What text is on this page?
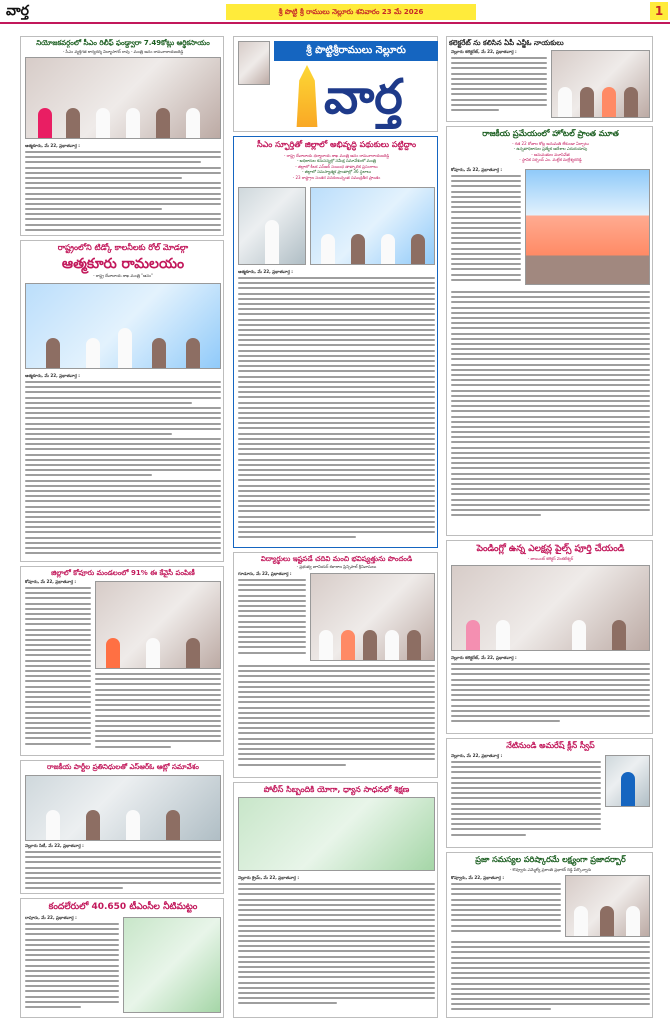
వార్త	శ్రీ పొట్టి శ్రీ రాములు నెల్లూరు శనివారం 23 మే 2026	1
నియోజకవర్గంలో సీఎం రిలీఫ్ ఫండ్ద్వారా 7.49కోట్లు ఆర్థికసాయం
- సీఎం వ్యక్తిగత కార్యదర్శి విద్యాసాగర్ రావు - మంత్రి ఆనం రామనారాయణరెడ్డి
ఆత్మకూరు, మే 22, ప్రభాతవార్త :
రాష్ట్రంలోని టిడ్కో కాలనీలకు రోల్ మోడల్గా
ఆత్మకూరు రామలయం
- రాష్ట్ర దేవాదాయ శాఖ మంత్రి "ఆనం"
ఆత్మకూరు, మే 22, ప్రభాతవార్త :
జిల్లాలో కోవూరు మండలంలో 91% ఈ కేవైసీ పంపిణీ
కోవూరు, మే 22, ప్రభాతవార్త :
రాజకీయ పార్టీల ప్రతినిధులతో ఎస్ఆర్ఓ ఆట్లో సమావేశం
నెల్లూరు సిటీ, మే 22, ప్రభాతవార్త :
కందలేరులో 40.650 టీఎంసీల నీటిమట్టం
రాపూరు, మే 22, ప్రభాతవార్త :
శ్రీ పొట్టిశ్రీరాములు నెల్లూరు
వార్త
సీఎం స్ఫూర్తితో జిల్లాలో అభివృద్ధి పథుకులు పట్టిద్దాం
- రాష్ట్ర దేవాదాయ ధర్మాదాయ శాఖ మంత్రి ఆనం రామనారాయణరెడ్డి
- అధికారుల కనుసన్నల్లో సమీక్ష సమావేశంలో మంత్రి
- జిల్లాలో కీలక ఎస్ఆర్ సంబంధ తాత్కాలిక ప్రసంగాలు
- జిల్లాలో సమస్యాత్మక ప్రాంతాల్లో 36 స్థలాలు
- 23 రాష్ట్రాల సంతర వనరులున్నంత సముద్రతీర ప్రాంతం
ఆత్మకూరు, మే 22, ప్రభాతవార్త :
విద్యార్థులు ఇష్టపడే చదివి మంచి భవిష్యత్తును పొందండి
- ప్రభుత్వ జూనియర్ కళాశాల ప్రిన్సిపాల్ శ్రీనివాసులు
గూడూరు, మే 22, ప్రభాతవార్త :
పోలీస్ సిబ్బందికి యోగా, ధ్యాన సాధనలో శిక్షణ
నెల్లూరు క్రైమ్, మే 22, ప్రభాతవార్త :
కలెక్టరేట్ ను కలిసిన ఏపీ ఎన్జీఓ నాయకులు
నెల్లూరు కలెక్టరేట్, మే 22, ప్రభాతవార్త :
రాజకీయ ప్రమేయంలో హోటల్ ప్రాంత మూత
- గత 22 రోజుల కోట్ల అనుమతి లేకుండా ఏర్పాటు
- ఉన్నతాధికారుల ప్రత్యేక ఆదేశాల ఎదురుచూపు
- అనుమతుల మూసివేత
- స్థానిక సర్పంచ్ ఎం. మల్లేశ మల్లేశ్వరరెడ్డి
కోవూరు, మే 22, ప్రభాతవార్త :
పెండింగ్లో ఉన్న ఎలక్షన్ల పైల్స్ పూర్తి చేయండి
- జాయింట్ కలెక్టర్ వెంకటేశ్వర్
నెల్లూరు కలెక్టరేట్, మే 22, ప్రభాతవార్త :
నేటినుండి అమరేష్ క్లీన్ స్వీప్
నెల్లూరు, మే 22, ప్రభాతవార్త :
ప్రజా సమస్యల పరిష్కారమే లక్ష్యంగా ప్రజాదర్బార్
- కొవ్వూరు ఎమ్మెల్యే ప్రశాంతి ప్రభాకర్ రెడ్డి పేర్కొన్నారు
కొవ్వూరు, మే 22, ప్రభాతవార్త :
